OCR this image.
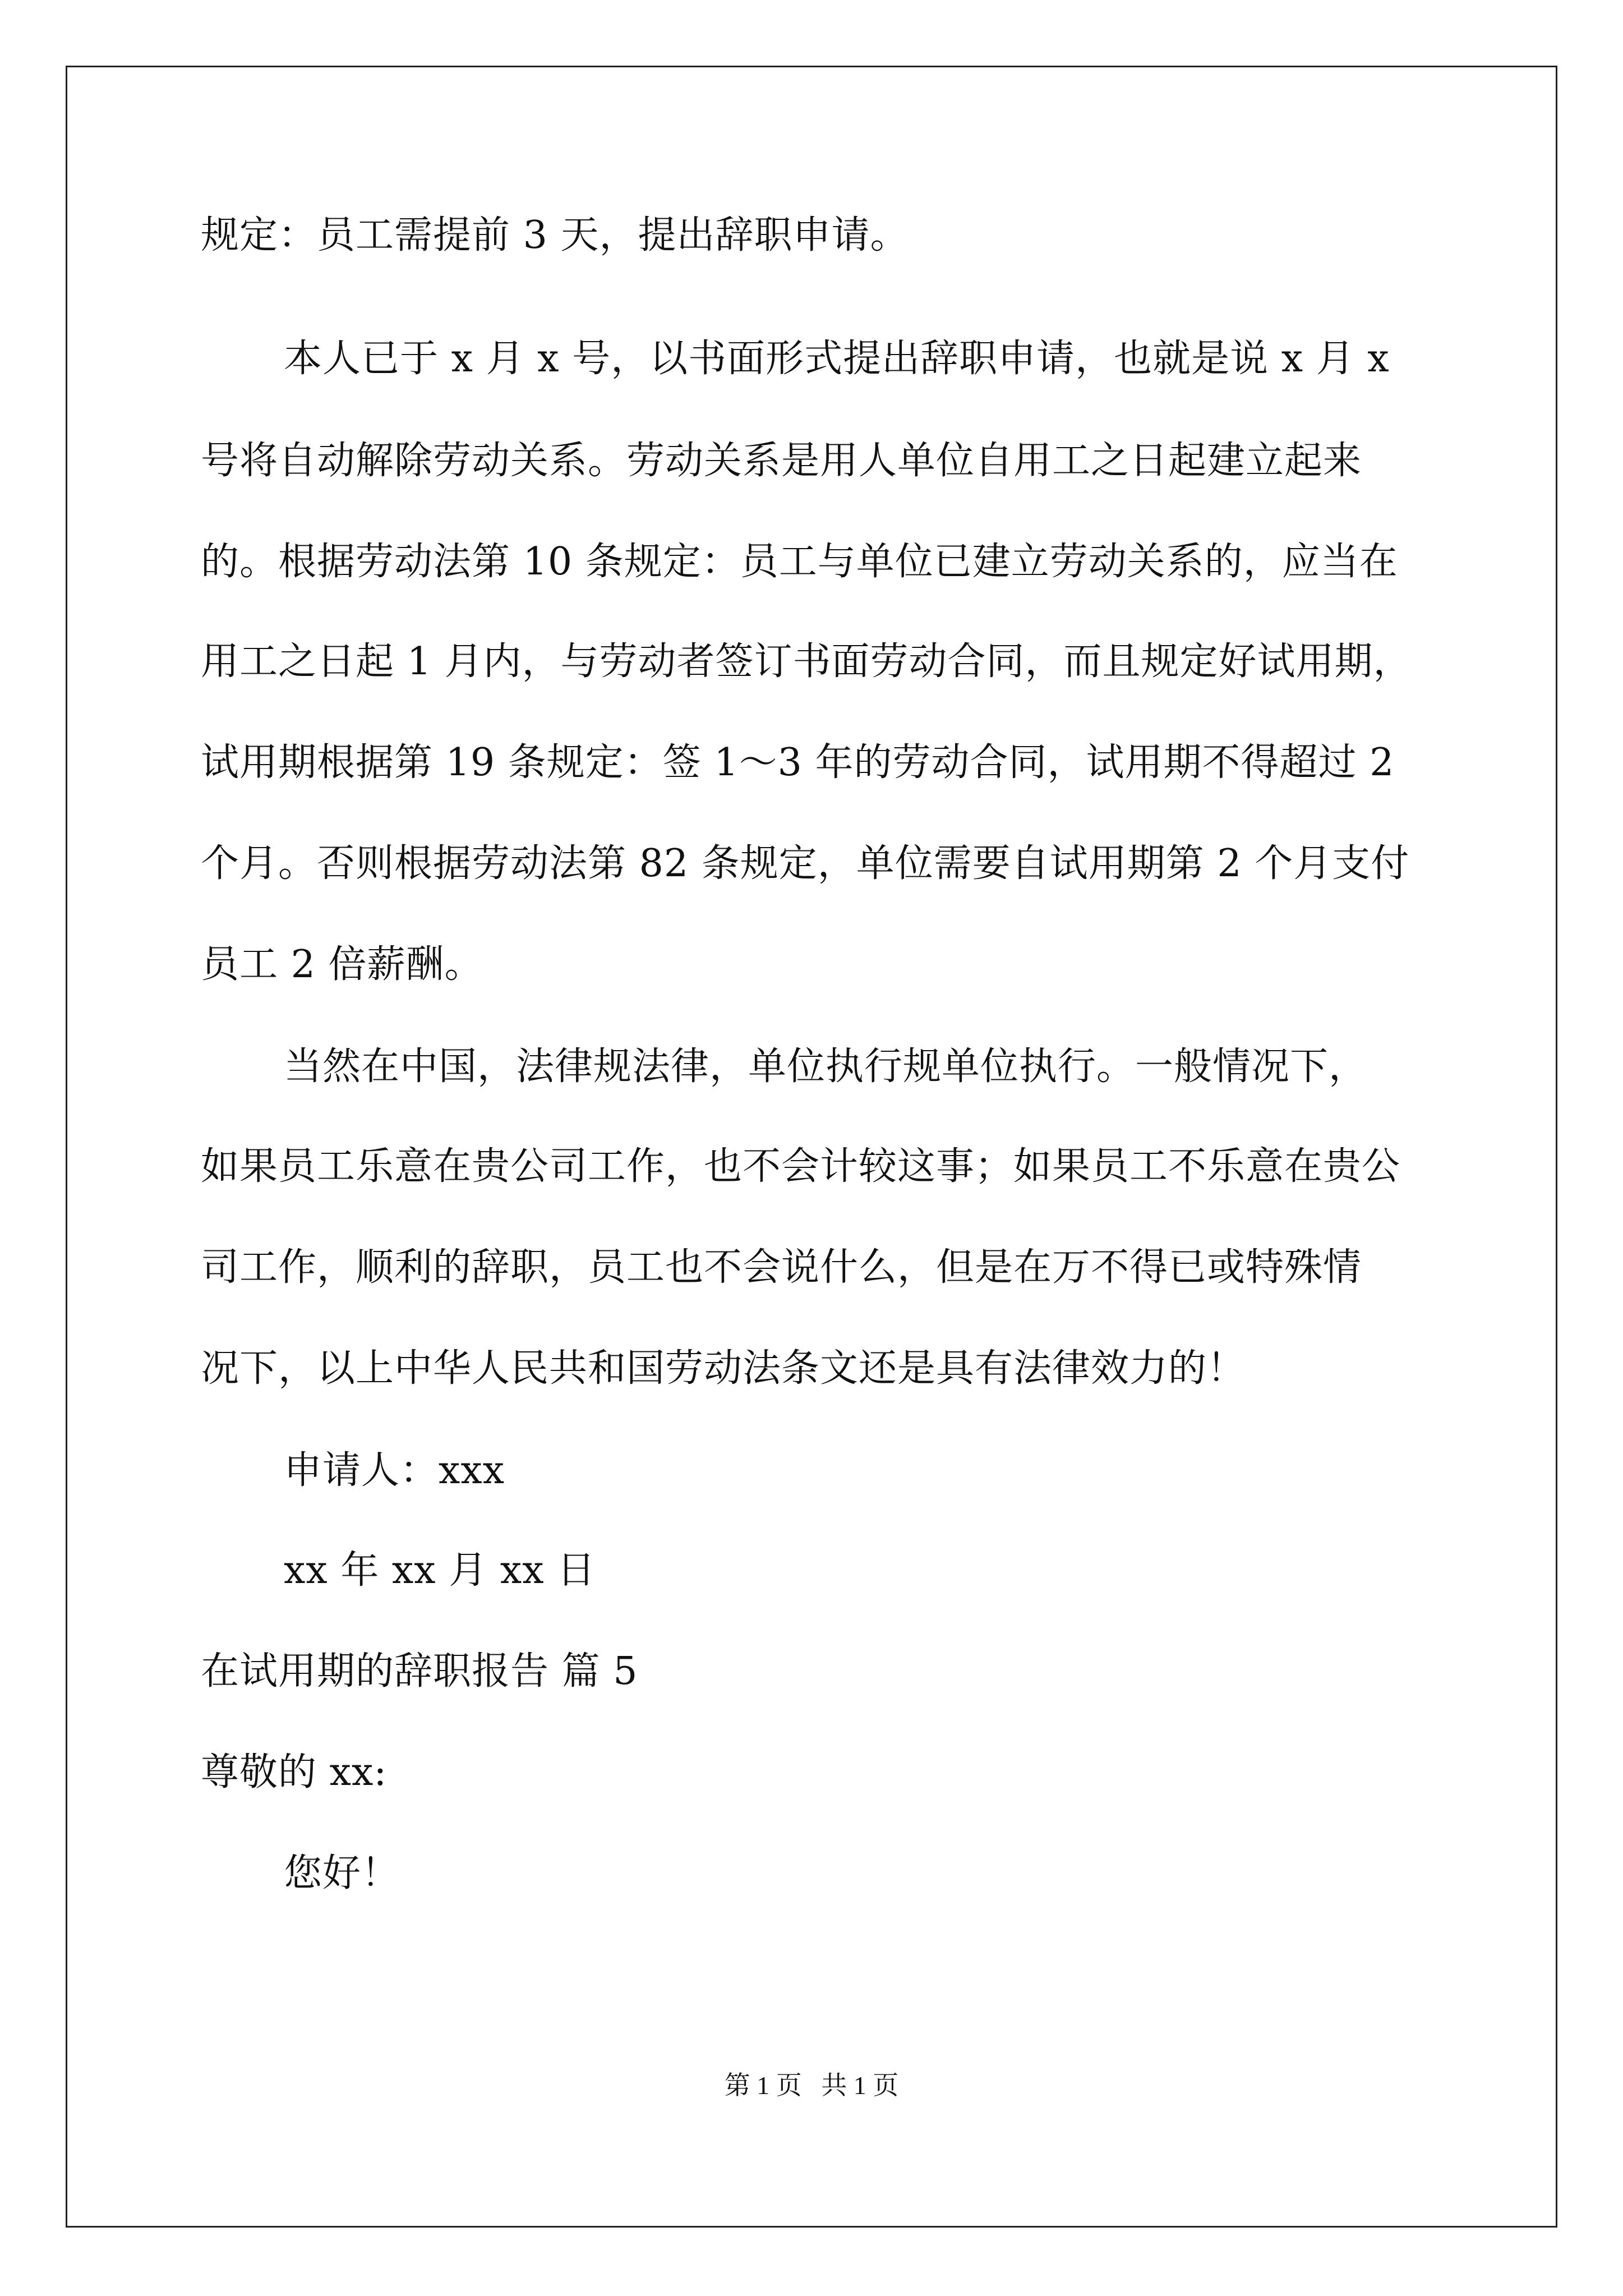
规定：员工需提前 3 天，提出辞职申请。
本人已于 x 月 x 号，以书面形式提出辞职申请，也就是说 x 月 x
号将自动解除劳动关系。劳动关系是用人单位自用工之日起建立起来
的。根据劳动法第 10 条规定：员工与单位已建立劳动关系的，应当在
用工之日起 1 月内，与劳动者签订书面劳动合同，而且规定好试用期，
试用期根据第 19 条规定：签 1～3 年的劳动合同，试用期不得超过 2
个月。否则根据劳动法第 82 条规定，单位需要自试用期第 2 个月支付
员工 2 倍薪酬。
当然在中国，法律规法律，单位执行规单位执行。一般情况下，
如果员工乐意在贵公司工作，也不会计较这事；如果员工不乐意在贵公
司工作，顺利的辞职，员工也不会说什么，但是在万不得已或特殊情
况下，以上中华人民共和国劳动法条文还是具有法律效力的！
申请人：xxx
xx 年 xx 月 xx 日
在试用期的辞职报告 篇 5
尊敬的 xx:
您好！
第 1 页   共 1 页
